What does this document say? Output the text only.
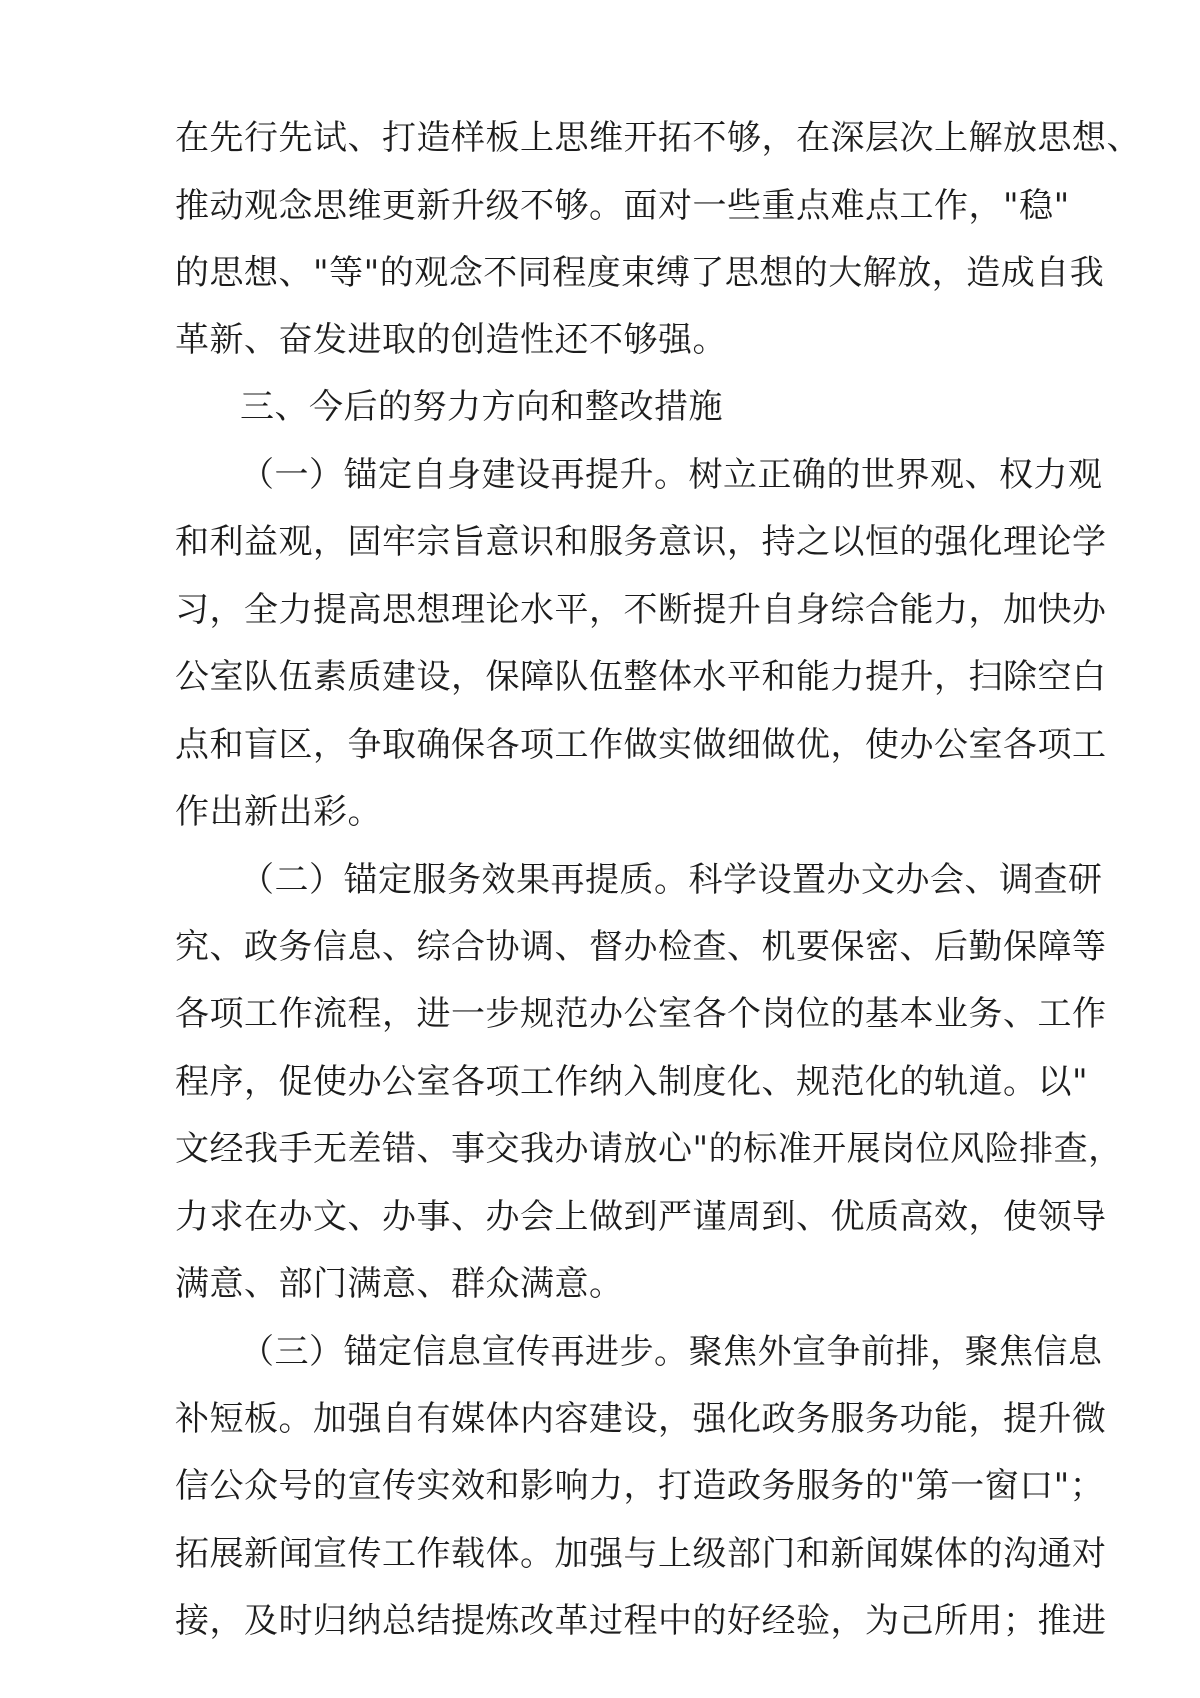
在先行先试、打造样板上思维开拓不够，在深层次上解放思想、
推动观念思维更新升级不够。面对一些重点难点工作，"稳"
的思想、"等"的观念不同程度束缚了思想的大解放，造成自我
革新、奋发进取的创造性还不够强。
三、今后的努力方向和整改措施
（一）锚定自身建设再提升。树立正确的世界观、权力观
和利益观，固牢宗旨意识和服务意识，持之以恒的强化理论学
习，全力提高思想理论水平，不断提升自身综合能力，加快办
公室队伍素质建设，保障队伍整体水平和能力提升，扫除空白
点和盲区，争取确保各项工作做实做细做优，使办公室各项工
作出新出彩。
（二）锚定服务效果再提质。科学设置办文办会、调查研
究、政务信息、综合协调、督办检查、机要保密、后勤保障等
各项工作流程，进一步规范办公室各个岗位的基本业务、工作
程序，促使办公室各项工作纳入制度化、规范化的轨道。以"
文经我手无差错、事交我办请放心"的标准开展岗位风险排查，
力求在办文、办事、办会上做到严谨周到、优质高效，使领导
满意、部门满意、群众满意。
（三）锚定信息宣传再进步。聚焦外宣争前排，聚焦信息
补短板。加强自有媒体内容建设，强化政务服务功能，提升微
信公众号的宣传实效和影响力，打造政务服务的"第一窗口"；
拓展新闻宣传工作载体。加强与上级部门和新闻媒体的沟通对
接，及时归纳总结提炼改革过程中的好经验，为己所用；推进
